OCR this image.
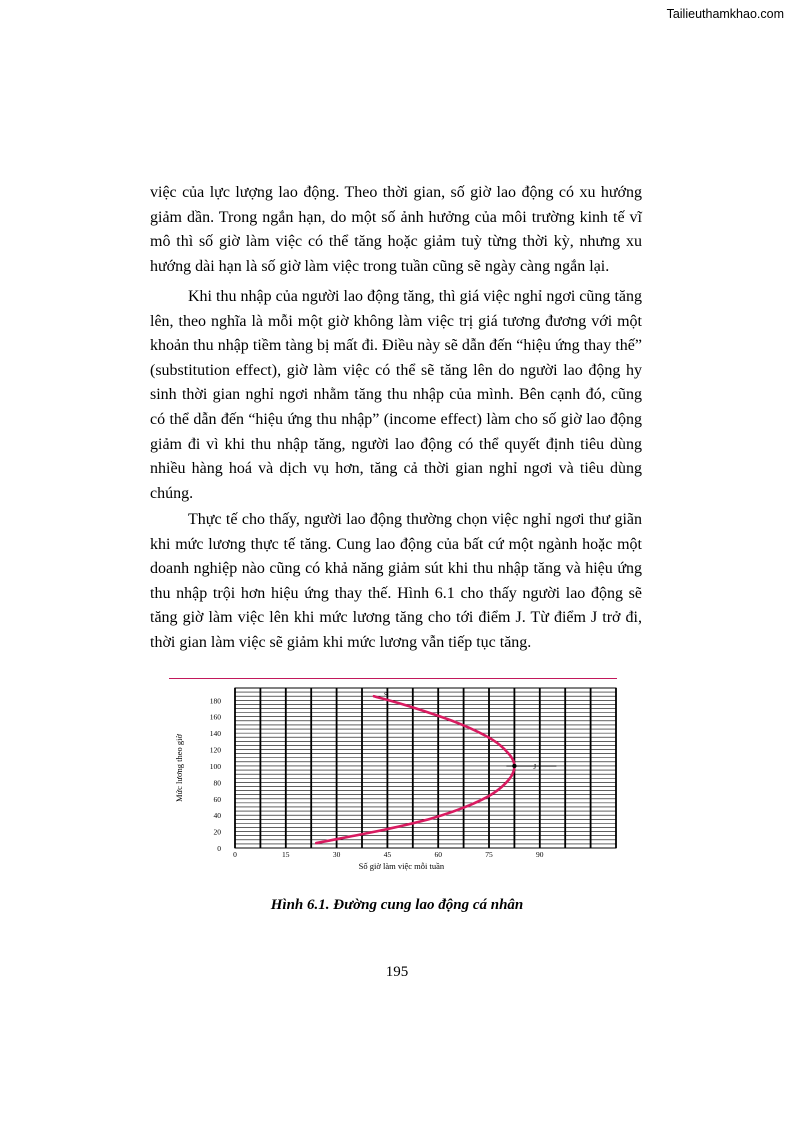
Tailieuthamkhao.com

việc của lực lượng lao động. Theo thời gian, số giờ lao động có xu hướng giảm dần. Trong ngắn hạn, do một số ảnh hưởng của môi trường kinh tế vĩ mô thì số giờ làm việc có thể tăng hoặc giảm tuỳ từng thời kỳ, nhưng xu hướng dài hạn là số giờ làm việc trong tuần cũng sẽ ngày càng ngắn lại.

Khi thu nhập của người lao động tăng, thì giá việc nghỉ ngơi cũng tăng lên, theo nghĩa là mỗi một giờ không làm việc trị giá tương đương với một khoản thu nhập tiềm tàng bị mất đi. Điều này sẽ dẫn đến “hiệu ứng thay thế” (substitution effect), giờ làm việc có thể sẽ tăng lên do người lao động hy sinh thời gian nghỉ ngơi nhằm tăng thu nhập của mình. Bên cạnh đó, cũng có thể dẫn đến “hiệu ứng thu nhập” (income effect) làm cho số giờ lao động giảm đi vì khi thu nhập tăng, người lao động có thể quyết định tiêu dùng nhiều hàng hoá và dịch vụ hơn, tăng cả thời gian nghỉ ngơi và tiêu dùng chúng.

Thực tế cho thấy, người lao động thường chọn việc nghỉ ngơi thư giãn khi mức lương thực tế tăng. Cung lao động của bất cứ một ngành hoặc một doanh nghiệp nào cũng có khả năng giảm sút khi thu nhập tăng và hiệu ứng thu nhập trội hơn hiệu ứng thay thế. Hình 6.1 cho thấy người lao động sẽ tăng giờ làm việc lên khi mức lương tăng cho tới điểm J. Từ điểm J trở đi, thời gian làm việc sẽ giảm khi mức lương vẫn tiếp tục tăng.

0
20
40
60
80
100
120
140
160
180
0	15	30	45	60	75	90
J
S
Số giờ làm việc mỗi tuần
Mức lương theo giờ
Hình 6.1. Đường cung lao động cá nhân
195
